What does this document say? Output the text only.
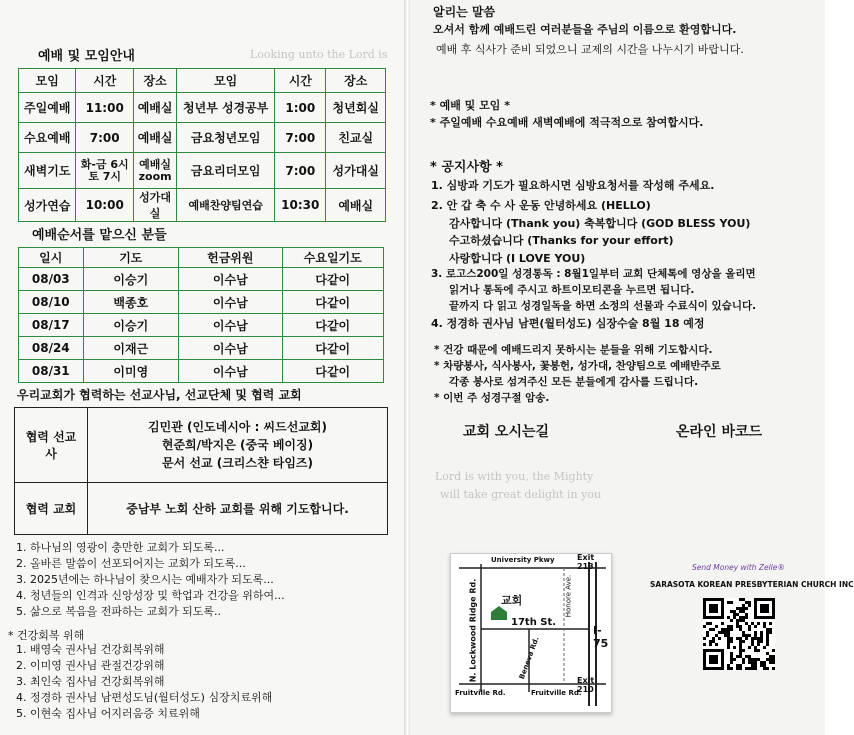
Looking unto the Lord is
예배 및 모임안내
모임	시간	장소	모임	시간	장소
주일예배	11:00	예배실	청년부 성경공부	1:00	청년회실
수요예배	7:00	예배실	금요청년모임	7:00	친교실
새벽기도	화-금 6시 토 7시	예배실 zoom	금요리더모임	7:00	성가대실
성가연습	10:00	성가대실	예배찬양팀연습	10:30	예배실
예배순서를 맡으신 분들
일시	기도	헌금위원	수요일기도
08/03	이승기	이수남	다같이
08/10	백종호	이수남	다같이
08/17	이승기	이수남	다같이
08/24	이재근	이수남	다같이
08/31	이미영	이수남	다같이
우리교회가 협력하는 선교사님, 선교단체 및 협력 교회
협력 선교사	김민관 (인도네시아 : 씨드선교회)
현준희/박지은 (중국 베이징)
문서 선교 (크리스챤 타임즈)

협력 교회	중남부 노회 산하 교회를 위해 기도합니다.
1. 하나님의 영광이 충만한 교회가 되도록...
2. 올바른 말씀이 선포되어지는 교회가 되도록...
3. 2025년에는 하나님이 찾으시는 예배자가 되도록...
4. 청년들의 인격과 신앙성장 및 학업과 건강을 위하여...
5. 삶으로 복음을 전파하는 교회가 되도록..
* 건강회복 위해
1. 배영숙 권사님 건강회복위해
2. 이미영 권사님 관절건강위해
3. 최인숙 집사님 건강회복위해
4. 정경하 권사님 남편성도님(월터성도) 심장치료위해
5. 이현숙 집사님 어지러움증 치료위해
Lord is with you, the Mighty
will take great delight in you
알리는 말씀
오셔서 함께 예배드린 여러분들을 주님의 이름으로 환영합니다.
예배 후 식사가 준비 되었으니 교제의 시간을 나누시기 바랍니다.
* 예배 및 모임 *
* 주일예배 수요예배 새벽예배에 적극적으로 참여합시다.
* 공지사항 *
1. 심방과 기도가 필요하시면 심방요청서를 작성해 주세요.
2. 안 갑 축 수 사 운동 안녕하세요 (HELLO)
감사합니다 (Thank you) 축복합니다 (GOD BLESS YOU)
수고하셨습니다 (Thanks for your effort)
사랑합니다 (I LOVE YOU)
3. 로고스200일 성경통독 : 8월1일부터 교회 단체톡에 영상을 올리면
읽거나 통독에 주시고 하트이모티콘을 누르면 됩니다.
끝까지 다 읽고 성경일독을 하면 소정의 선물과 수료식이 있습니다.
4. 정경하 권사님 남편(월터성도) 심장수술 8월 18 예정
* 건강 때문에 예배드리지 못하시는 분들을 위해 기도합시다.
* 차량봉사, 식사봉사, 꽃봉헌, 성가대, 찬양팀으로 예배반주로
각종 봉사로 섬겨주신 모든 분들에게 감사를 드립니다.
* 이번 주 성경구절 암송.
교회 오시는길	온라인 바코드
University Pkwy	Exit 213
N. Lockwood Ridge Rd. 교회
17th St.
I-75
Honore Ave.
Beneva Rd.
Exit 210
Fruitville Rd.	Fruitville Rd.
Send Money with Zelle®
SARASOTA KOREAN PRESBYTERIAN CHURCH INC
